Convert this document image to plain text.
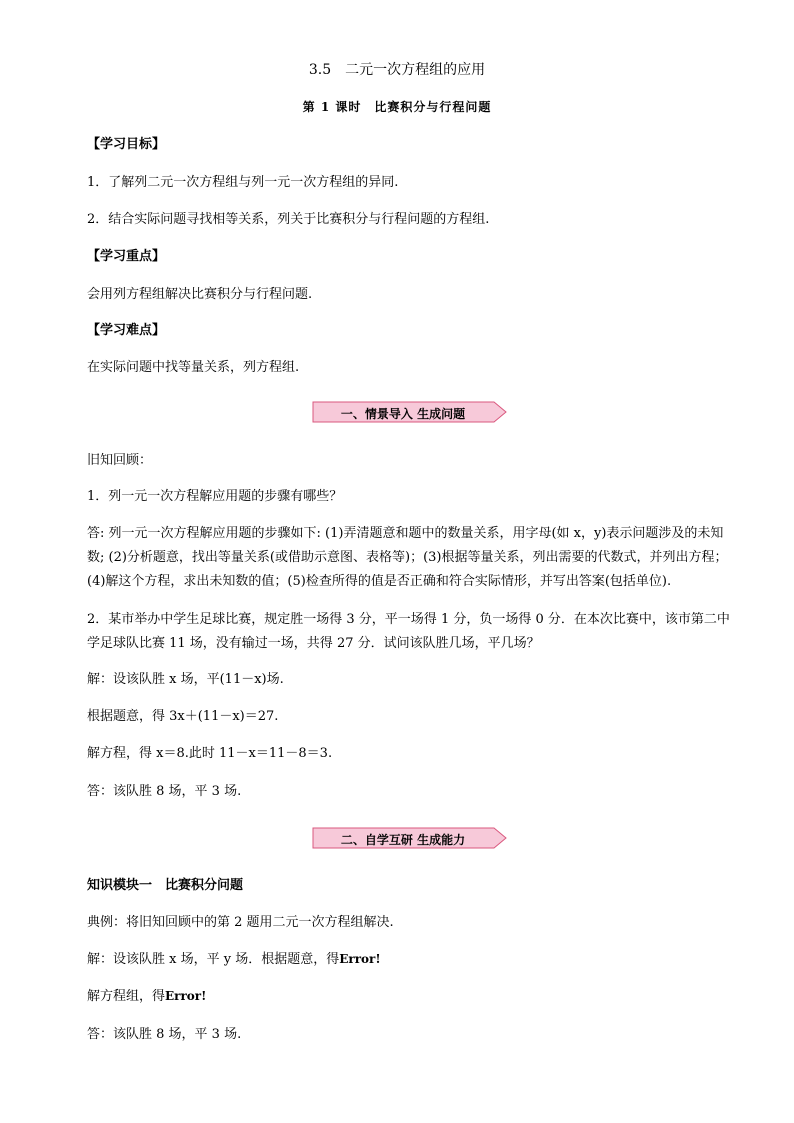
3.5　二元一次方程组的应用
第 1 课时　比赛积分与行程问题

【学习目标】

1．了解列二元一次方程组与列一元一次方程组的异同.

2．结合实际问题寻找相等关系，列关于比赛积分与行程问题的方程组.

【学习重点】

会用列方程组解决比赛积分与行程问题.

【学习难点】

在实际问题中找等量关系，列方程组.

一、情景导入 生成问题

旧知回顾：

1．列一元一次方程解应用题的步骤有哪些？

答: 列一元一次方程解应用题的步骤如下: (1)弄清题意和题中的数量关系，用字母(如 x，y)表示问题涉及的未知数; (2)分析题意，找出等量关系(或借助示意图、表格等)；(3)根据等量关系，列出需要的代数式，并列出方程；(4)解这个方程，求出未知数的值；(5)检查所得的值是否正确和符合实际情形，并写出答案(包括单位).

2．某市举办中学生足球比赛，规定胜一场得 3 分，平一场得 1 分，负一场得 0 分．在本次比赛中，该市第二中学足球队比赛 11 场，没有输过一场，共得 27 分．试问该队胜几场，平几场？

解：设该队胜 x 场，平(11－x)场.

根据题意，得 3x＋(11－x)＝27.

解方程，得 x＝8.此时 11－x＝11－8＝3.

答：该队胜 8 场，平 3 场.

二、自学互研 生成能力

知识模块一　比赛积分问题

典例：将旧知回顾中的第 2 题用二元一次方程组解决.

解：设该队胜 x 场，平 y 场．根据题意，得Error!

解方程组，得Error!

答：该队胜 8 场，平 3 场.
